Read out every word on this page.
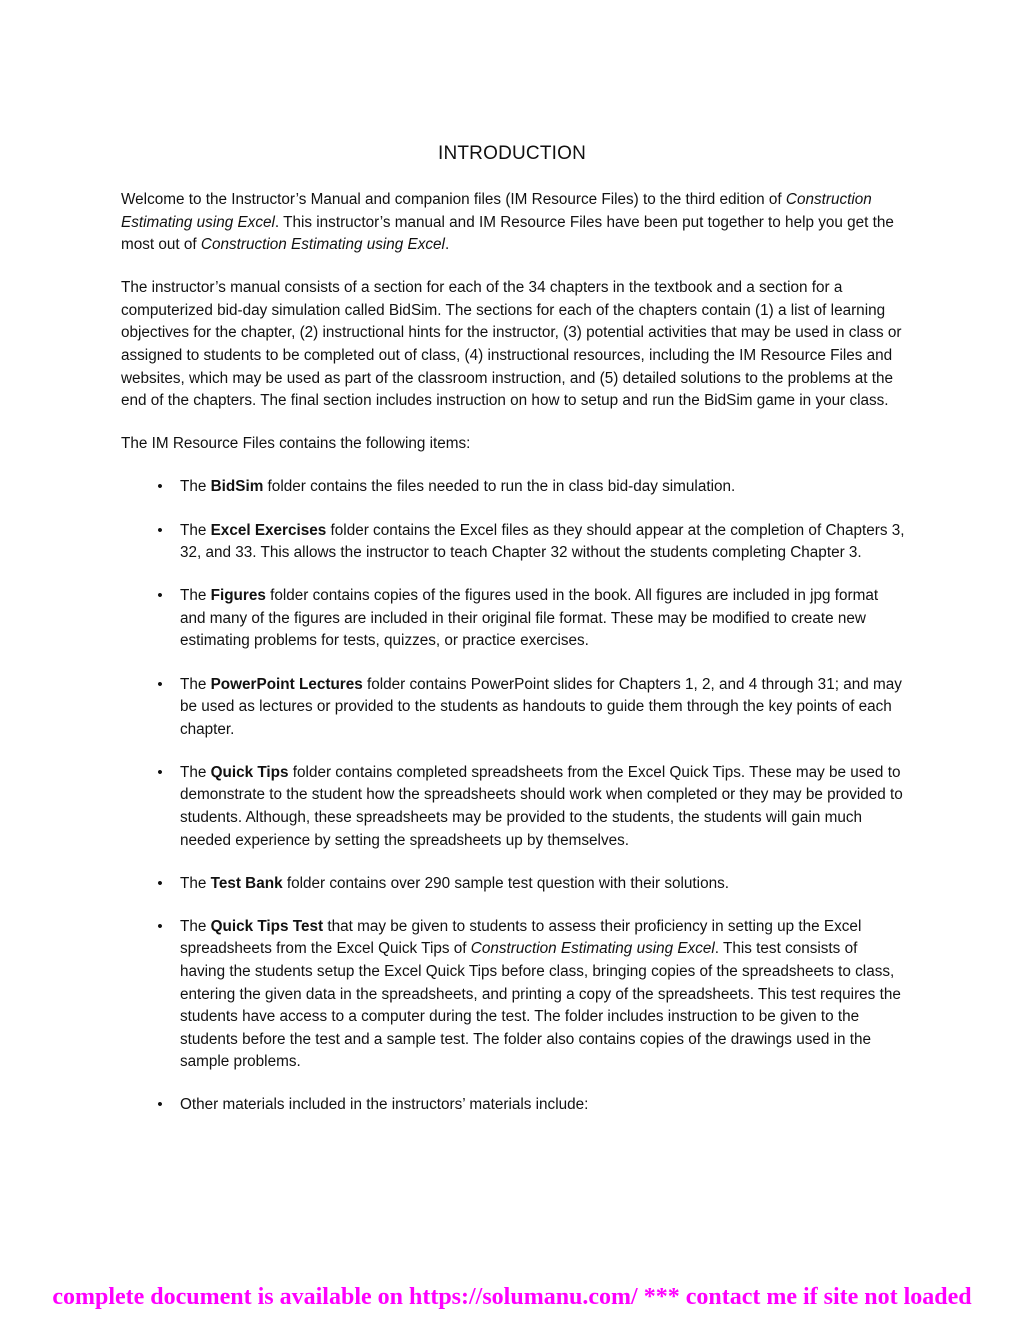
INTRODUCTION

Welcome to the Instructor’s Manual and companion files (IM Resource Files) to the third edition of Construction Estimating using Excel. This instructor’s manual and IM Resource Files have been put together to help you get the most out of Construction Estimating using Excel.

The instructor’s manual consists of a section for each of the 34 chapters in the textbook and a section for a computerized bid-day simulation called BidSim. The sections for each of the chapters contain (1) a list of learning objectives for the chapter, (2) instructional hints for the instructor, (3) potential activities that may be used in class or assigned to students to be completed out of class, (4) instructional resources, including the IM Resource Files and websites, which may be used as part of the classroom instruction, and (5) detailed solutions to the problems at the end of the chapters. The final section includes instruction on how to setup and run the BidSim game in your class.

The IM Resource Files contains the following items:

• The BidSim folder contains the files needed to run the in class bid-day simulation.
• The Excel Exercises folder contains the Excel files as they should appear at the completion of Chapters 3, 32, and 33. This allows the instructor to teach Chapter 32 without the students completing Chapter 3.
• The Figures folder contains copies of the figures used in the book. All figures are included in jpg format and many of the figures are included in their original file format. These may be modified to create new estimating problems for tests, quizzes, or practice exercises.
• The PowerPoint Lectures folder contains PowerPoint slides for Chapters 1, 2, and 4 through 31; and may be used as lectures or provided to the students as handouts to guide them through the key points of each chapter.
• The Quick Tips folder contains completed spreadsheets from the Excel Quick Tips. These may be used to demonstrate to the student how the spreadsheets should work when completed or they may be provided to students. Although, these spreadsheets may be provided to the students, the students will gain much needed experience by setting the spreadsheets up by themselves.
• The Test Bank folder contains over 290 sample test question with their solutions.
• The Quick Tips Test that may be given to students to assess their proficiency in setting up the Excel spreadsheets from the Excel Quick Tips of Construction Estimating using Excel. This test consists of having the students setup the Excel Quick Tips before class, bringing copies of the spreadsheets to class, entering the given data in the spreadsheets, and printing a copy of the spreadsheets. This test requires the students have access to a computer during the test. The folder includes instruction to be given to the students before the test and a sample test. The folder also contains copies of the drawings used in the sample problems.
• Other materials included in the instructors’ materials include:
complete document is available on https://solumanu.com/ *** contact me if site not loaded
